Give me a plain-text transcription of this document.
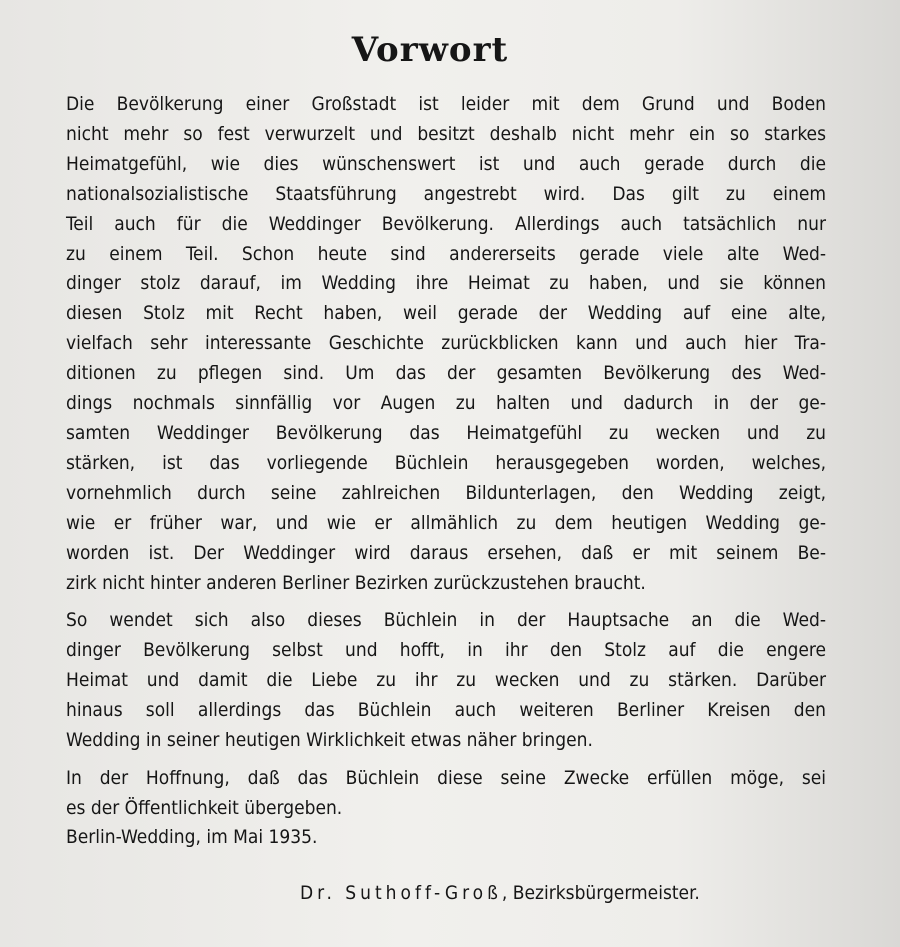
Vorwort
Die Bevölkerung einer Großstadt ist leider mit dem Grund und Boden
nicht mehr so fest verwurzelt und besitzt deshalb nicht mehr ein so starkes
Heimatgefühl, wie dies wünschenswert ist und auch gerade durch die
nationalsozialistische Staatsführung angestrebt wird. Das gilt zu einem
Teil auch für die Weddinger Bevölkerung. Allerdings auch tatsächlich nur
zu einem Teil. Schon heute sind andererseits gerade viele alte Wed-
dinger stolz darauf, im Wedding ihre Heimat zu haben, und sie können
diesen Stolz mit Recht haben, weil gerade der Wedding auf eine alte,
vielfach sehr interessante Geschichte zurückblicken kann und auch hier Tra-
ditionen zu pflegen sind. Um das der gesamten Bevölkerung des Wed-
dings nochmals sinnfällig vor Augen zu halten und dadurch in der ge-
samten Weddinger Bevölkerung das Heimatgefühl zu wecken und zu
stärken, ist das vorliegende Büchlein herausgegeben worden, welches,
vornehmlich durch seine zahlreichen Bildunterlagen, den Wedding zeigt,
wie er früher war, und wie er allmählich zu dem heutigen Wedding ge-
worden ist. Der Weddinger wird daraus ersehen, daß er mit seinem Be-
zirk nicht hinter anderen Berliner Bezirken zurückzustehen braucht.
So wendet sich also dieses Büchlein in der Hauptsache an die Wed-
dinger Bevölkerung selbst und hofft, in ihr den Stolz auf die engere
Heimat und damit die Liebe zu ihr zu wecken und zu stärken. Darüber
hinaus soll allerdings das Büchlein auch weiteren Berliner Kreisen den
Wedding in seiner heutigen Wirklichkeit etwas näher bringen.
In der Hoffnung, daß das Büchlein diese seine Zwecke erfüllen möge, sei
es der Öffentlichkeit übergeben.
Berlin-Wedding, im Mai 1935.
Dr. Suthoff-Groß, Bezirksbürgermeister.
